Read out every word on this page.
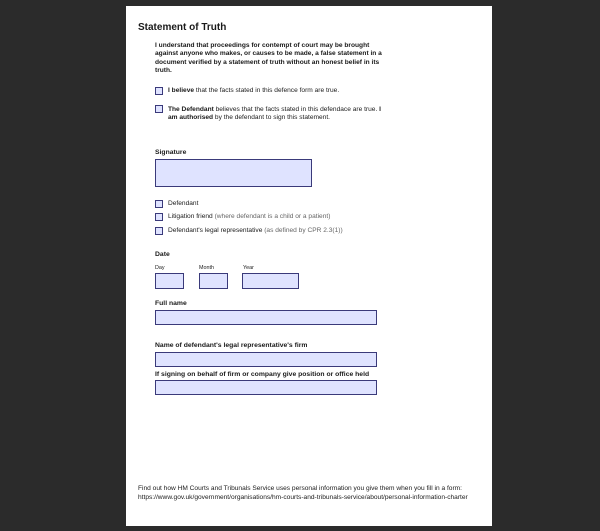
Statement of Truth
I understand that proceedings for contempt of court may be brought against anyone who makes, or causes to be made, a false statement in a document verified by a statement of truth without an honest belief in its truth.
I believe that the facts stated in this defence form are true.
The Defendant believes that the facts stated in this defendace are true. I am authorised by the defendant to sign this statement.
Signature
Defendant
Litigation friend (where defendant is a child or a patient)
Defendant's legal representative (as defined by CPR 2.3(1))
Date
Day	Month	Year
Full name
Name of defendant's legal representative's firm
If signing on behalf of firm or company give position or office held
Find out how HM Courts and Tribunals Service uses personal information you give them when you fill in a form: https://www.gov.uk/government/organisations/hm-courts-and-tribunals-service/about/personal-information-charter
